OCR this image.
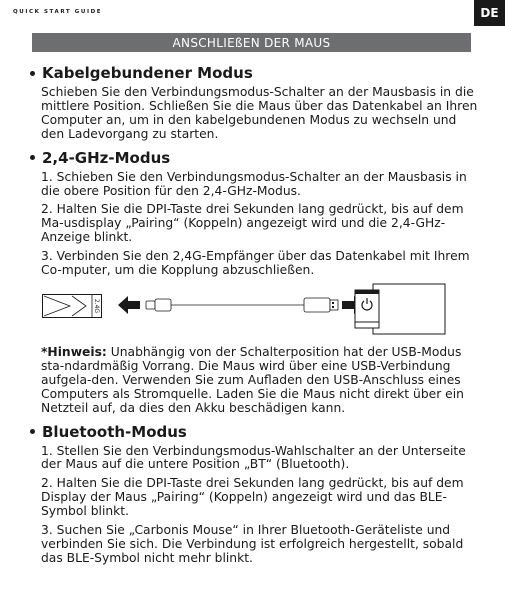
QUICK START GUIDE	DE
ANSCHLIEßEN DER MAUS
Kabelgebundener Modus
Schieben Sie den Verbindungsmodus-Schalter an der Mausbasis in die mittlere Position. Schließen Sie die Maus über das Datenkabel an Ihren Computer an, um in den kabelgebundenen Modus zu wechseln und den Ladevorgang zu starten.
2,4-GHz-Modus
1. Schieben Sie den Verbindungsmodus-Schalter an der Mausbasis in die obere Position für den 2,4-GHz-Modus.
2. Halten Sie die DPI-Taste drei Sekunden lang gedrückt, bis auf dem Ma-usdisplay „Pairing“ (Koppeln) angezeigt wird und die 2,4-GHz-Anzeige blinkt.
3. Verbinden Sie den 2,4G-Empfänger über das Datenkabel mit Ihrem Co-mputer, um die Kopplung abzuschließen.
2.4G
*Hinweis: Unabhängig von der Schalterposition hat der USB-Modus sta-ndardmäßig Vorrang. Die Maus wird über eine USB-Verbindung aufgela-den. Verwenden Sie zum Aufladen den USB-Anschluss eines Computers als Stromquelle. Laden Sie die Maus nicht direkt über ein Netzteil auf, da dies den Akku beschädigen kann.
Bluetooth-Modus
1. Stellen Sie den Verbindungsmodus-Wahlschalter an der Unterseite der Maus auf die untere Position „BT“ (Bluetooth).
2. Halten Sie die DPI-Taste drei Sekunden lang gedrückt, bis auf dem Display der Maus „Pairing“ (Koppeln) angezeigt wird und das BLE-Symbol blinkt.
3. Suchen Sie „Carbonis Mouse“ in Ihrer Bluetooth-Geräteliste und verbinden Sie sich. Die Verbindung ist erfolgreich hergestellt, sobald das BLE-Symbol nicht mehr blinkt.
